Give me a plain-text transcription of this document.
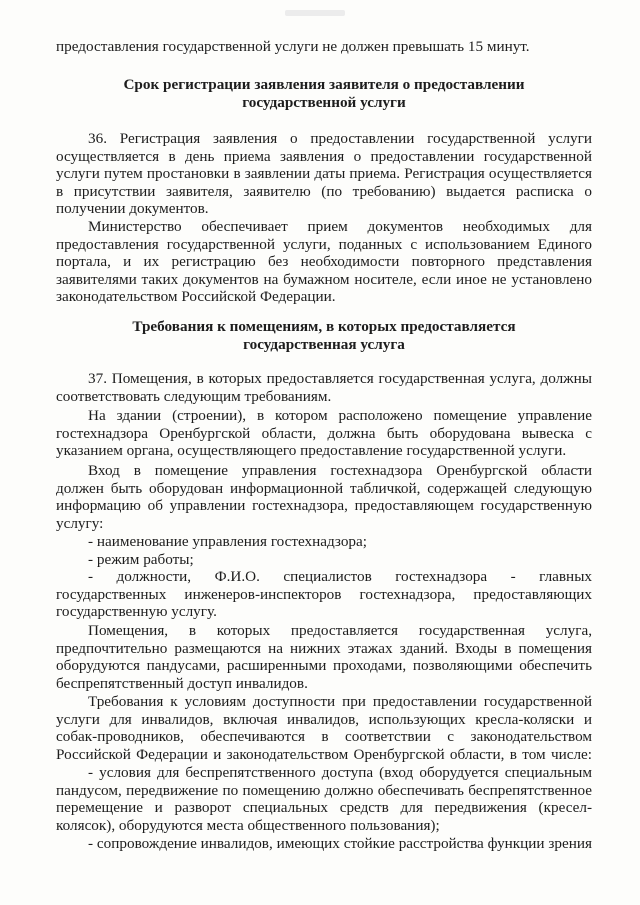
предоставления государственной услуги не должен превышать 15 минут.
Срок регистрации заявления заявителя о предоставлении
государственной услуги
36. Регистрация заявления о предоставлении государственной услуги
осуществляется в день приема заявления о предоставлении государственной
услуги путем простановки в заявлении даты приема. Регистрация осуществляется
в присутствии заявителя, заявителю (по требованию) выдается расписка о
получении документов.
Министерство обеспечивает прием документов необходимых для
предоставления государственной услуги, поданных с использованием Единого
портала, и их регистрацию без необходимости повторного представления
заявителями таких документов на бумажном носителе, если иное не установлено
законодательством Российской Федерации.
Требования к помещениям, в которых предоставляется
государственная услуга
37. Помещения, в которых предоставляется государственная услуга, должны
соответствовать следующим требованиям.
На здании (строении), в котором расположено помещение управление
гостехнадзора Оренбургской области, должна быть оборудована вывеска с
указанием органа, осуществляющего предоставление государственной услуги.
Вход в помещение управления гостехнадзора Оренбургской области
должен быть оборудован информационной табличкой, содержащей следующую
информацию об управлении гостехнадзора, предоставляющем государственную
услугу:
- наименование управления гостехнадзора;
- режим работы;
- должности, Ф.И.О. специалистов гостехнадзора - главных
государственных инженеров-инспекторов гостехнадзора, предоставляющих
государственную услугу.
Помещения, в которых предоставляется государственная услуга,
предпочтительно размещаются на нижних этажах зданий. Входы в помещения
оборудуются пандусами, расширенными проходами, позволяющими обеспечить
беспрепятственный доступ инвалидов.
Требования к условиям доступности при предоставлении государственной
услуги для инвалидов, включая инвалидов, использующих кресла-коляски и
собак-проводников, обеспечиваются в соответствии с законодательством
Российской Федерации и законодательством Оренбургской области, в том числе:
- условия для беспрепятственного доступа (вход оборудуется специальным
пандусом, передвижение по помещению должно обеспечивать беспрепятственное
перемещение и разворот специальных средств для передвижения (кресел-
колясок), оборудуются места общественного пользования);
- сопровождение инвалидов, имеющих стойкие расстройства функции зрения
